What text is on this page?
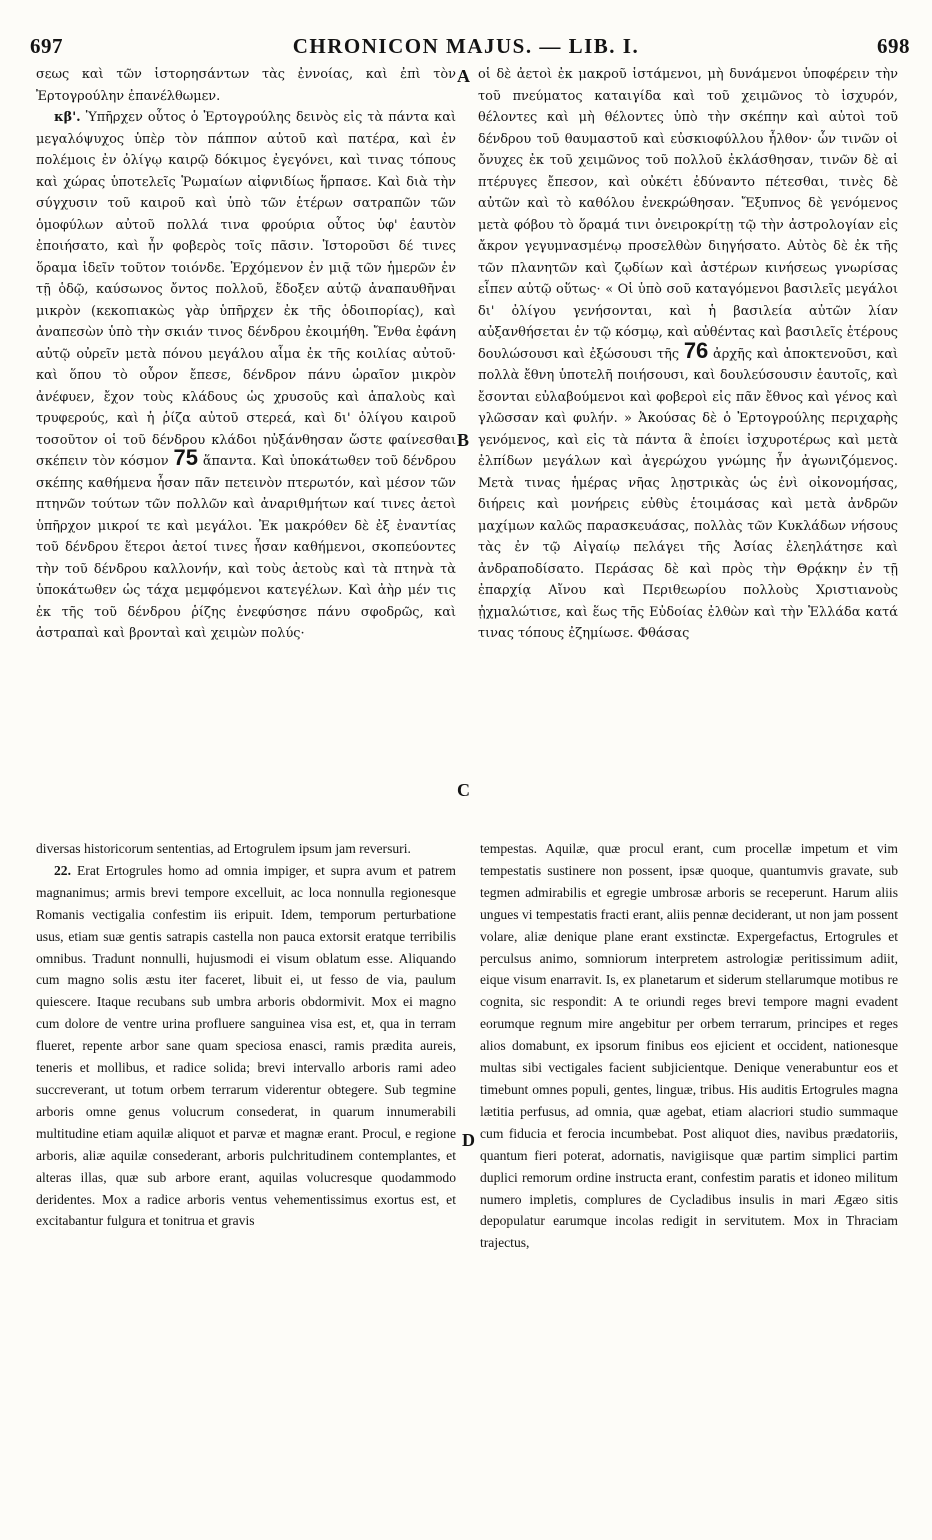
697	CHRONICON MAJUS. — LIB. I.	698

σεως καὶ τῶν ἱστορησάντων τὰς ἐννοίας, καὶ ἐπὶ τὸν Ἐρτογρούλην ἐπανέλθωμεν.

κβ'. Ὑπῆρχεν οὗτος ὁ Ἐρτογρούλης δεινὸς εἰς τὰ πάντα καὶ μεγαλόψυχος ὑπὲρ τὸν πάππον αὐτοῦ καὶ πατέρα, καὶ ἐν πολέμοις ἐν ὀλίγῳ καιρῷ δόκιμος ἐγεγόνει, καὶ τινας τόπους καὶ χώρας ὑποτελεῖς Ῥωμαίων αἰφνιδίως ἥρπασε. Καὶ διὰ τὴν σύγχυσιν τοῦ καιροῦ καὶ ὑπὸ τῶν ἑτέρων σατραπῶν τῶν ὁμοφύλων αὐτοῦ πολλά τινα φρούρια οὗτος ὑφ' ἑαυτὸν ἐποιήσατο, καὶ ἦν φοβερὸς τοῖς πᾶσιν. Ἱστοροῦσι δέ τινες ὅραμα ἰδεῖν τοῦτον τοιόνδε. Ἐρχόμενον ἐν μιᾷ τῶν ἡμερῶν ἐν τῇ ὁδῷ, καύσωνος ὄντος πολλοῦ, ἔδοξεν αὐτῷ ἀναπαυθῆναι μικρὸν (κεκοπιακὼς γὰρ ὑπῆρχεν ἐκ τῆς ὁδοιπορίας), καὶ ἀναπεσὼν ὑπὸ τὴν σκιάν τινος δένδρου ἐκοιμήθη. Ἔνθα ἐφάνη αὐτῷ οὐρεῖν μετὰ πόνου μεγάλου αἷμα ἐκ τῆς κοιλίας αὐτοῦ· καὶ ὅπου τὸ οὖρον ἔπεσε, δένδρον πάνυ ὡραῖον μικρὸν ἀνέφυεν, ἔχον τοὺς κλάδους ὡς χρυσοῦς καὶ ἁπαλοὺς καὶ τρυφερούς, καὶ ἡ ῥίζα αὐτοῦ στερεά, καὶ δι' ὀλίγου καιροῦ τοσοῦτον οἱ τοῦ δένδρου κλάδοι ηὐξάνθησαν ὥστε φαίνεσθαι σκέπειν τὸν κόσμον 75 ἅπαντα. Καὶ ὑποκάτωθεν τοῦ δένδρου σκέπης καθήμενα ἦσαν πᾶν πετεινὸν πτερωτόν, καὶ μέσον τῶν πτηνῶν τούτων τῶν πολλῶν καὶ ἀναριθμήτων καί τινες ἀετοὶ ὑπῆρχον μικροί τε καὶ μεγάλοι. Ἐκ μακρόθεν δὲ ἐξ ἐναντίας τοῦ δένδρου ἕτεροι ἀετοί τινες ἦσαν καθήμενοι, σκοπεύοντες τὴν τοῦ δένδρου καλλονήν, καὶ τοὺς ἀετοὺς καὶ τὰ πτηνὰ τὰ ὑποκάτωθεν ὡς τάχα μεμφόμενοι κατεγέλων. Καὶ ἀὴρ μέν τις ἐκ τῆς τοῦ δένδρου ῥίζης ἐνεφύσησε πάνυ σφοδρῶς, καὶ ἀστραπαὶ καὶ βρονταὶ καὶ χειμὼν πολύς·

οἱ δὲ ἀετοὶ ἐκ μακροῦ ἱστάμενοι, μὴ δυνάμενοι ὑποφέρειν τὴν τοῦ πνεύματος καταιγίδα καὶ τοῦ χειμῶνος τὸ ἰσχυρόν, θέλοντες καὶ μὴ θέλοντες ὑπὸ τὴν σκέπην καὶ αὐτοὶ τοῦ δένδρου τοῦ θαυμαστοῦ καὶ εὐσκιοφύλλου ἦλθον· ὧν τινῶν οἱ ὄνυχες ἐκ τοῦ χειμῶνος τοῦ πολλοῦ ἐκλάσθησαν, τινῶν δὲ αἱ πτέρυγες ἔπεσον, καὶ οὐκέτι ἐδύναντο πέτεσθαι, τινὲς δὲ αὐτῶν καὶ τὸ καθόλου ἐνεκρώθησαν. Ἔξυπνος δὲ γενόμενος μετὰ φόβου τὸ ὅραμά τινι ὀνειροκρίτῃ τῷ τὴν ἀστρολογίαν εἰς ἄκρον γεγυμνασμένῳ προσελθὼν διηγήσατο. Αὐτὸς δὲ ἐκ τῆς τῶν πλανητῶν καὶ ζῳδίων καὶ ἀστέρων κινήσεως γνωρίσας εἶπεν αὐτῷ οὕτως· « Οἱ ὑπὸ σοῦ καταγόμενοι βασιλεῖς μεγάλοι δι' ὀλίγου γενήσονται, καὶ ἡ βασιλεία αὐτῶν λίαν αὐξανθήσεται ἐν τῷ κόσμῳ, καὶ αὐθέντας καὶ βασιλεῖς ἑτέρους δουλώσουσι καὶ ἐξώσουσι τῆς 76 ἀρχῆς καὶ ἀποκτενοῦσι, καὶ πολλὰ ἔθνη ὑποτελῆ ποιήσουσι, καὶ δουλεύσουσιν ἑαυτοῖς, καὶ ἔσονται εὐλαβούμενοι καὶ φοβεροὶ εἰς πᾶν ἔθνος καὶ γένος καὶ γλῶσσαν καὶ φυλήν. » Ἀκούσας δὲ ὁ Ἐρτογρούλης περιχαρὴς γενόμενος, καὶ εἰς τὰ πάντα ἃ ἐποίει ἰσχυροτέρως καὶ μετὰ ἐλπίδων μεγάλων καὶ ἀγερώχου γνώμης ἦν ἀγωνιζόμενος. Μετὰ τινας ἡμέρας νῆας λῃστρικὰς ὡς ἐνὶ οἰκονομήσας, διήρεις καὶ μονήρεις εὐθὺς ἑτοιμάσας καὶ μετὰ ἀνδρῶν μαχίμων καλῶς παρασκευάσας, πολλὰς τῶν Κυκλάδων νήσους τὰς ἐν τῷ Αἰγαίῳ πελάγει τῆς Ἀσίας ἐλεηλάτησε καὶ ἀνδραποδίσατο. Περάσας δὲ καὶ πρὸς τὴν Θρᾴκην ἐν τῇ ἐπαρχίᾳ Αἴνου καὶ Περιθεωρίου πολλοὺς Χριστιανοὺς ᾐχμαλώτισε, καὶ ἕως τῆς Εὐδοίας ἐλθὼν καὶ τὴν Ἑλλάδα κατά τινας τόπους ἐζημίωσε. Φθάσας

diversas historicorum sententias, ad Ertogrulem ipsum jam reversuri.

22. Erat Ertogrules homo ad omnia impiger, et supra avum et patrem magnanimus; armis brevi tempore excelluit, ac loca nonnulla regionesque Romanis vectigalia confestim iis eripuit. Idem, temporum perturbatione usus, etiam suæ gentis satrapis castella non pauca extorsit eratque terribilis omnibus. Tradunt nonnulli, hujusmodi ei visum oblatum esse. Aliquando cum magno solis æstu iter faceret, libuit ei, ut fesso de via, paulum quiescere. Itaque recubans sub umbra arboris obdormivit. Mox ei magno cum dolore de ventre urina profluere sanguinea visa est, et, qua in terram flueret, repente arbor sane quam speciosa enasci, ramis prædita aureis, teneris et mollibus, et radice solida; brevi intervallo arboris rami adeo succreverant, ut totum orbem terrarum viderentur obtegere. Sub tegmine arboris omne genus volucrum consederat, in quarum innumerabili multitudine etiam aquilæ aliquot et parvæ et magnæ erant. Procul, e regione arboris, aliæ aquilæ consederant, arboris pulchritudinem contemplantes, et alteras illas, quæ sub arbore erant, aquilas volucresque quodammodo deridentes. Mox a radice arboris ventus vehementissimus exortus est, et excitabantur fulgura et tonitrua et gravis

tempestas. Aquilæ, quæ procul erant, cum procellæ impetum et vim tempestatis sustinere non possent, ipsæ quoque, quantumvis gravate, sub tegmen admirabilis et egregie umbrosæ arboris se receperunt. Harum aliis ungues vi tempestatis fracti erant, aliis pennæ deciderant, ut non jam possent volare, aliæ denique plane erant exstinctæ. Expergefactus, Ertogrules et perculsus animo, somniorum interpretem astrologiæ peritissimum adiit, eique visum enarravit. Is, ex planetarum et siderum stellarumque motibus re cognita, sic respondit: A te oriundi reges brevi tempore magni evadent eorumque regnum mire angebitur per orbem terrarum, principes et reges alios domabunt, ex ipsorum finibus eos ejicient et occident, nationesque multas sibi vectigales facient subjicientque. Denique venerabuntur eos et timebunt omnes populi, gentes, linguæ, tribus. His auditis Ertogrules magna lætitia perfusus, ad omnia, quæ agebat, etiam alacriori studio summaque cum fiducia et ferocia incumbebat. Post aliquot dies, navibus prædatoriis, quantum fieri poterat, adornatis, navigiisque quæ partim simplici partim duplici remorum ordine instructa erant, confestim paratis et idoneo militum numero impletis, complures de Cycladibus insulis in mari Ægæo sitis depopulatur earumque incolas redigit in servitutem. Mox in Thraciam trajectus,

A
B
C
D
